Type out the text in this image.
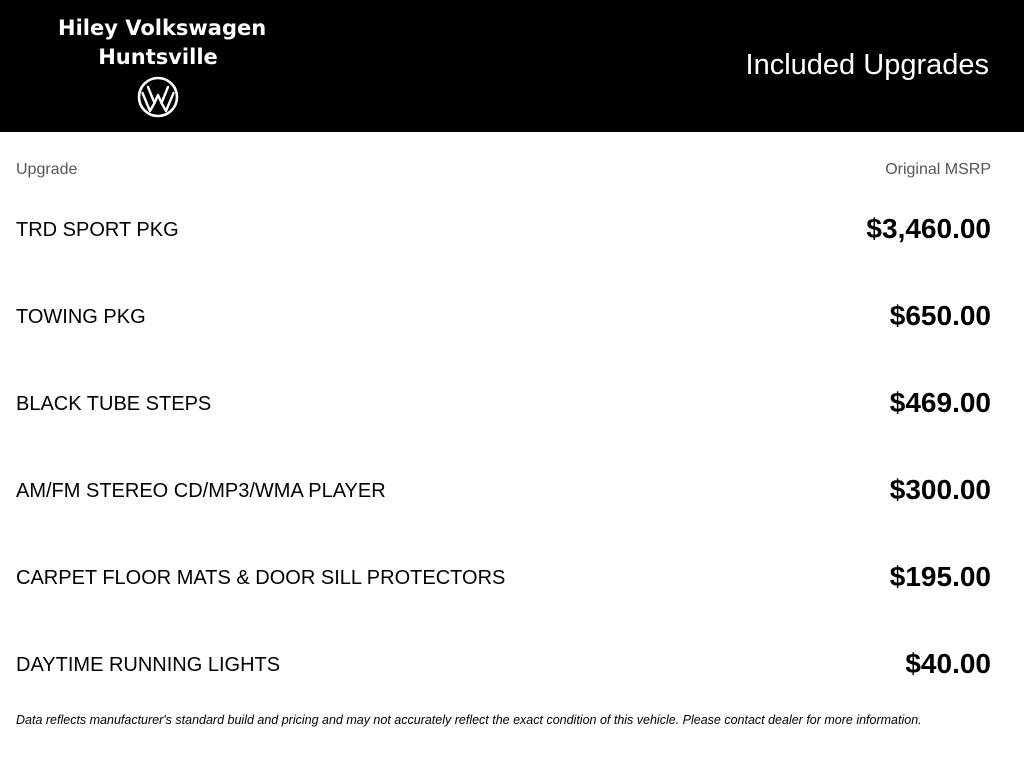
Hiley Volkswagen
Huntsville	Included Upgrades
Upgrade	Original MSRP
TRD SPORT PKG	$3,460.00
TOWING PKG	$650.00
BLACK TUBE STEPS	$469.00
AM/FM STEREO CD/MP3/WMA PLAYER	$300.00
CARPET FLOOR MATS & DOOR SILL PROTECTORS	$195.00
DAYTIME RUNNING LIGHTS	$40.00
Data reflects manufacturer's standard build and pricing and may not accurately reflect the exact condition of this vehicle. Please contact dealer for more information.
